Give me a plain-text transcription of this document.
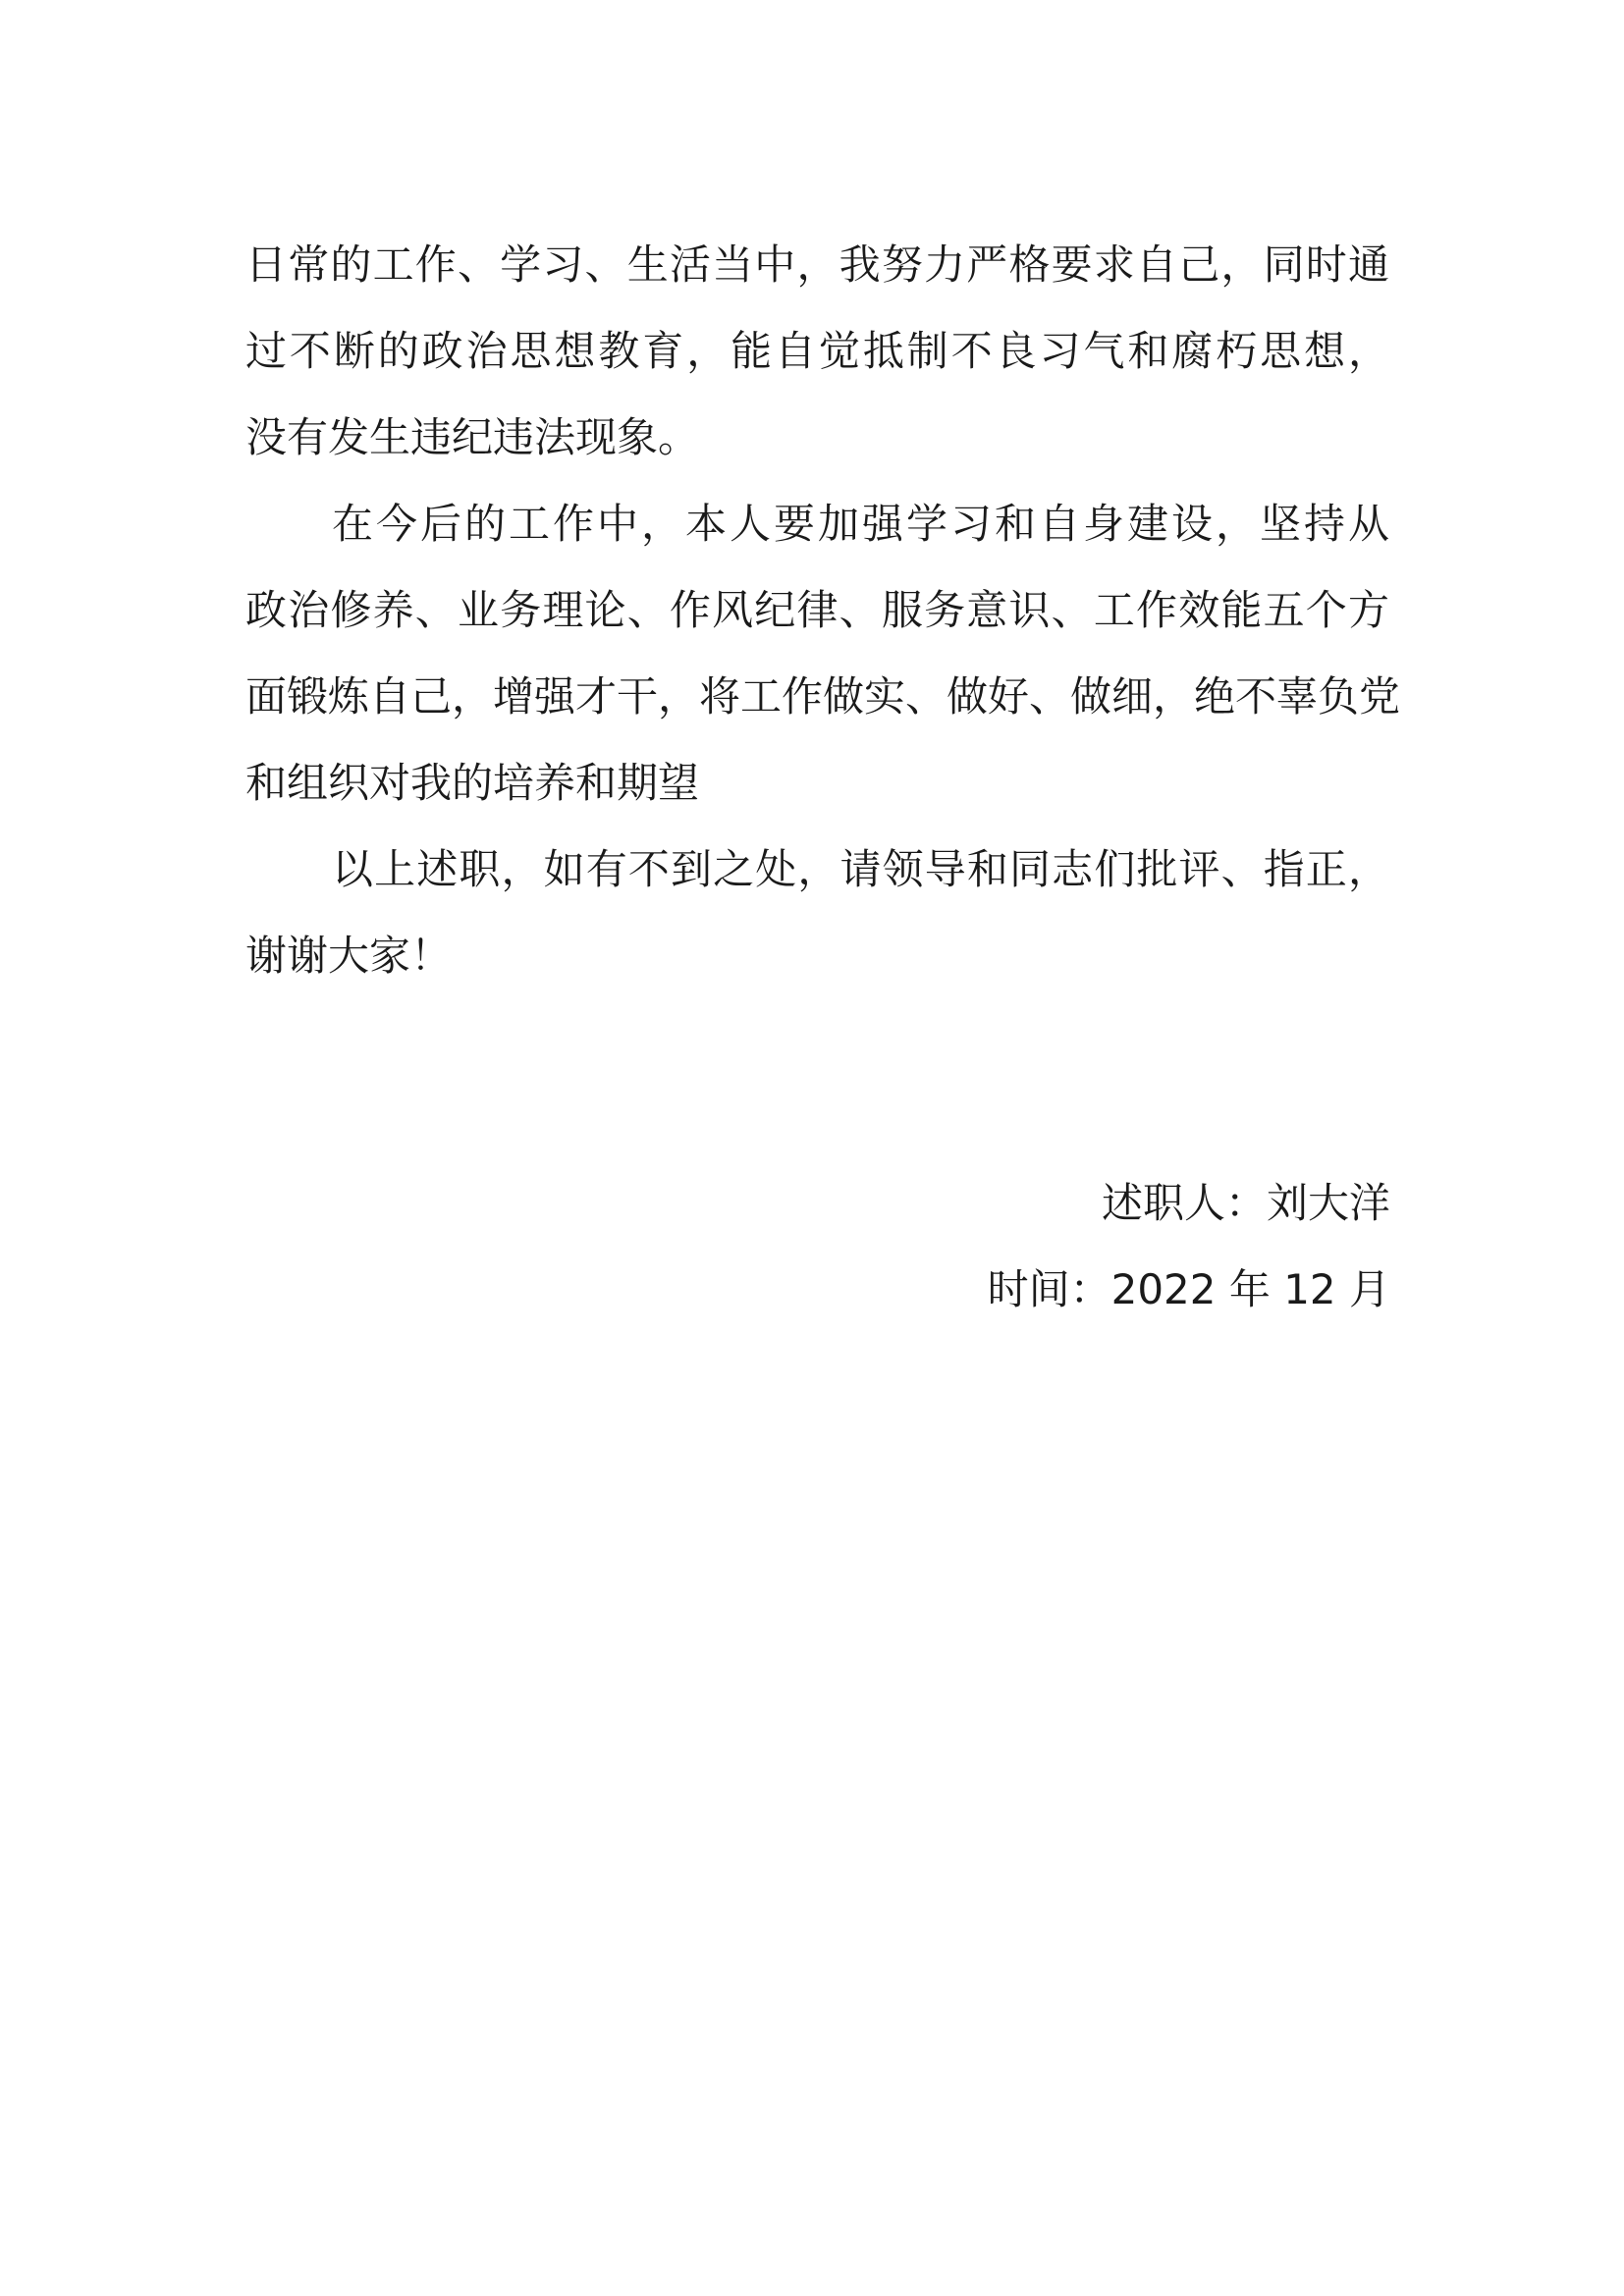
日常的工作、学习、生活当中，我努力严格要求自己，同时通

过不断的政治思想教育，能自觉抵制不良习气和腐朽思想，

没有发生违纪违法现象。

在今后的工作中，本人要加强学习和自身建设，坚持从

政治修养、业务理论、作风纪律、服务意识、工作效能五个方

面锻炼自己，增强才干，将工作做实、做好、做细，绝不辜负党

和组织对我的培养和期望

以上述职，如有不到之处，请领导和同志们批评、指正，

谢谢大家！

述职人：刘大洋

时间：2022 年 12 月
